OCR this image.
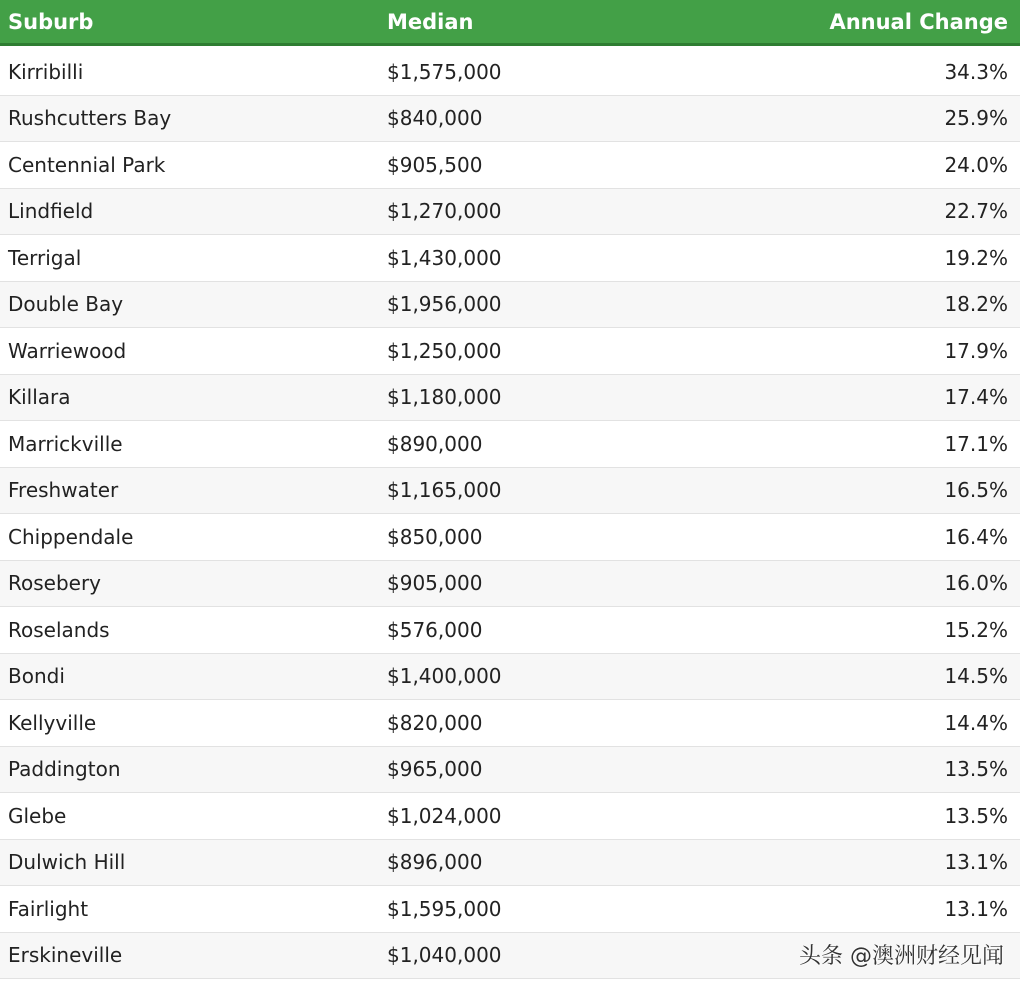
Suburb	Median	Annual Change
Kirribilli	$1,575,000	34.3%
Rushcutters Bay	$840,000	25.9%
Centennial Park	$905,500	24.0%
Lindfield	$1,270,000	22.7%
Terrigal	$1,430,000	19.2%
Double Bay	$1,956,000	18.2%
Warriewood	$1,250,000	17.9%
Killara	$1,180,000	17.4%
Marrickville	$890,000	17.1%
Freshwater	$1,165,000	16.5%
Chippendale	$850,000	16.4%
Rosebery	$905,000	16.0%
Roselands	$576,000	15.2%
Bondi	$1,400,000	14.5%
Kellyville	$820,000	14.4%
Paddington	$965,000	13.5%
Glebe	$1,024,000	13.5%
Dulwich Hill	$896,000	13.1%
Fairlight	$1,595,000	13.1%
Erskineville	$1,040,000	头条 @澳洲财经见闻
